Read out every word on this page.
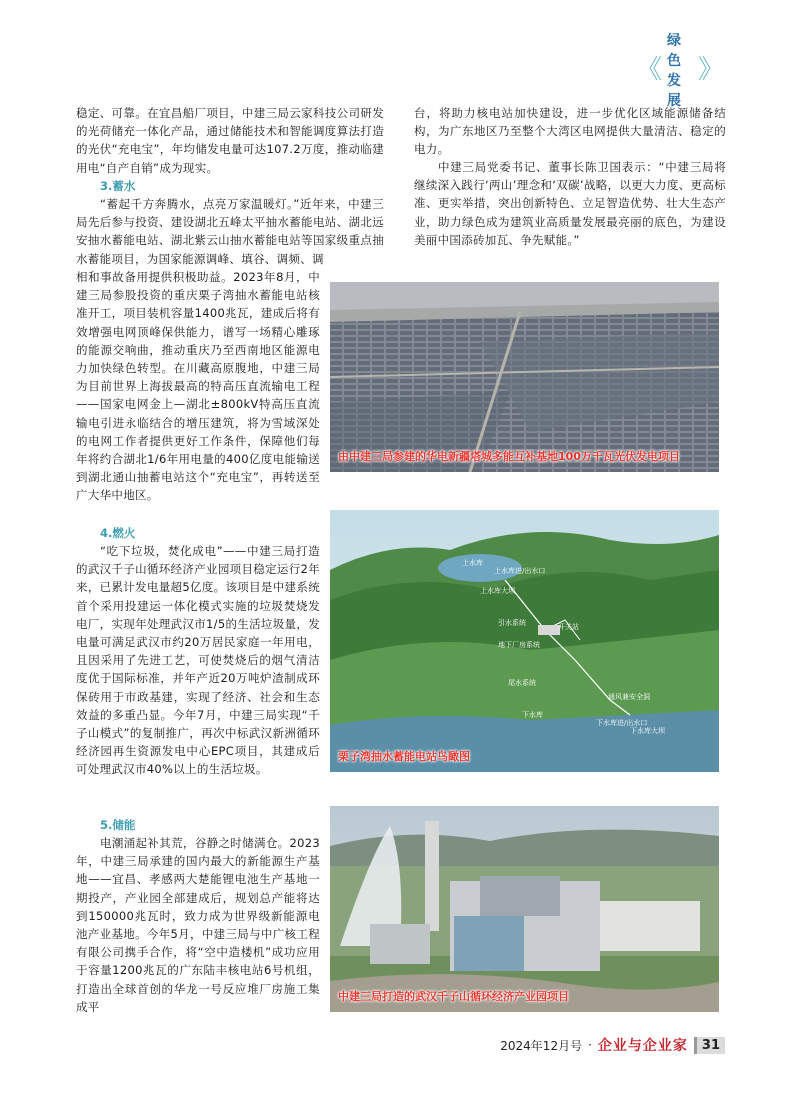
《
绿色发展
》

稳定、可靠。在宜昌船厂项目，中建三局云家科技公司研发的光荷储充一体化产品，通过储能技术和智能调度算法打造的光伏“充电宝”，年均储发电量可达107.2万度，推动临建用电“自产自销”成为现实。

3.蓄水

“蓄起千方奔腾水，点亮万家温暖灯。”近年来，中建三局先后参与投资、建设湖北五峰太平抽水蓄能电站、湖北远安抽水蓄能电站、湖北紫云山抽水蓄能电站等国家级重点抽水蓄能项目，为国家能源调峰、填谷、调频、调

相和事故备用提供积极助益。2023年8月，中建三局参股投资的重庆栗子湾抽水蓄能电站核准开工，项目装机容量1400兆瓦，建成后将有效增强电网顶峰保供能力，谱写一场精心雕琢的能源交响曲，推动重庆乃至西南地区能源电力加快绿色转型。在川藏高原腹地，中建三局为目前世界上海拔最高的特高压直流输电工程——国家电网金上—湖北±800kV特高压直流输电引进永临结合的增压建筑，将为雪域深处的电网工作者提供更好工作条件，保障他们每年将约合湖北1/6年用电量的400亿度电能输送到湖北通山抽蓄电站这个“充电宝”，再转送至广大华中地区。

4.燃火

“吃下垃圾，焚化成电”——中建三局打造的武汉千子山循环经济产业园项目稳定运行2年来，已累计发电量超5亿度。该项目是中建系统首个采用投建运一体化模式实施的垃圾焚烧发电厂，实现年处理武汉市1/5的生活垃圾量，发电量可满足武汉市约20万居民家庭一年用电，且因采用了先进工艺，可使焚烧后的烟气清洁度优于国际标准，并年产近20万吨炉渣制成环保砖用于市政基建，实现了经济、社会和生态效益的多重凸显。今年7月，中建三局实现“千子山模式”的复制推广，再次中标武汉新洲循环经济园再生资源发电中心EPC项目，其建成后可处理武汉市40%以上的生活垃圾。

5.储能

电潮涌起补其荒，谷静之时储满仓。2023年，中建三局承建的国内最大的新能源生产基地——宜昌、孝感两大楚能锂电池生产基地一期投产，产业园全部建成后，规划总产能将达到150000兆瓦时，致力成为世界级新能源电池产业基地。今年5月，中建三局与中广核工程有限公司携手合作，将“空中造楼机”成功应用于容量1200兆瓦的广东陆丰核电站6号机组，打造出全球首创的华龙一号反应堆厂房施工集成平

台，将助力核电站加快建设，进一步优化区域能源储备结构，为广东地区乃至整个大湾区电网提供大量清洁、稳定的电力。

中建三局党委书记、董事长陈卫国表示：“中建三局将继续深入践行‘两山’理念和‘双碳’战略，以更大力度、更高标准、更实举措，突出创新特色、立足智造优势、壮大生态产业，助力绿色成为建筑业高质量发展最亮丽的底色，为建设美丽中国添砖加瓦、争先赋能。”

由中建三局参建的华电新疆塔城多能互补基地100万千瓦光伏发电项目
上水库
上水库进/出水口
上水库大坝
引水系统
地下厂房系统
开关站
尾水系统
通风兼安全洞
下水库
下水库进/出水口
下水库大坝
栗子湾抽水蓄能电站鸟瞰图
中建三局打造的武汉千子山循环经济产业园项目
2024年12月号 · 企业与企业家	31
